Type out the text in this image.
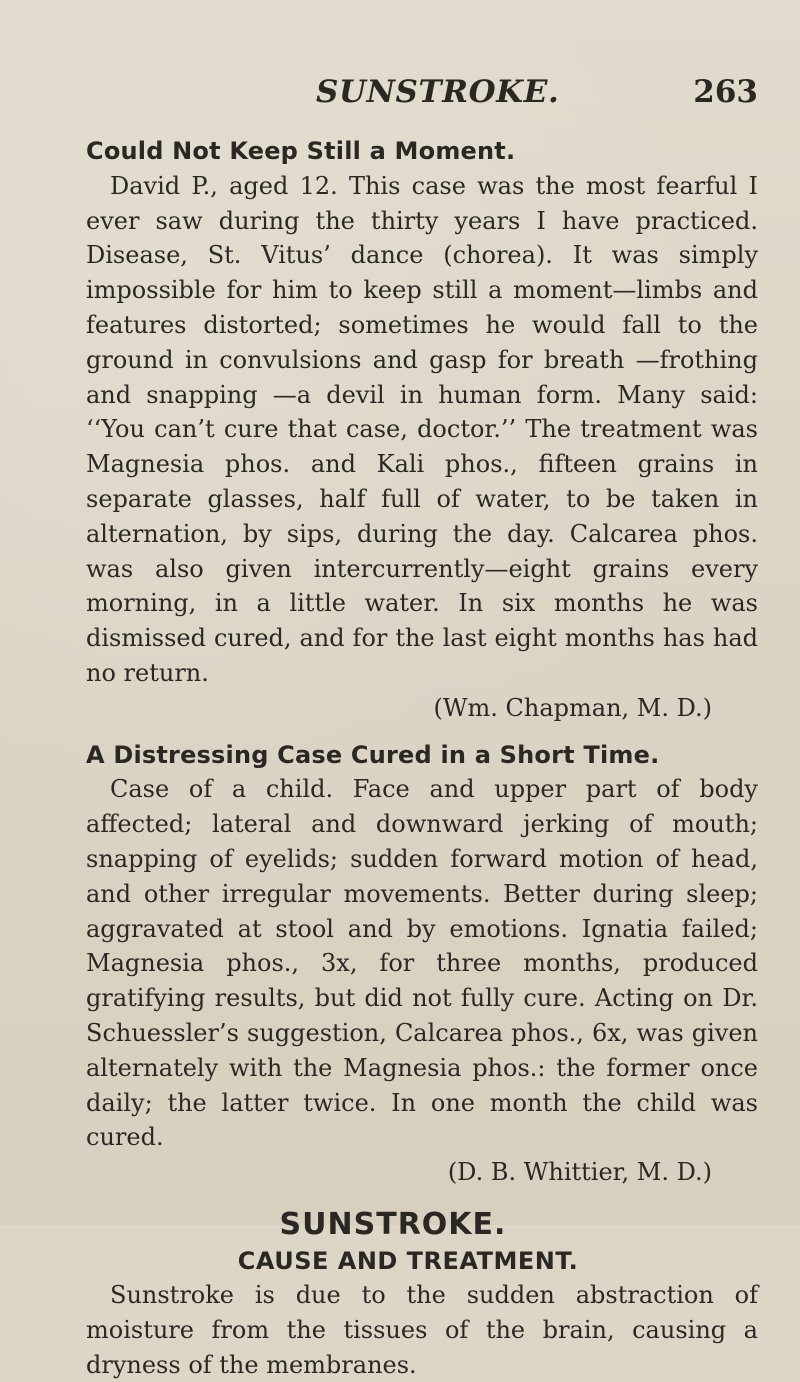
SUNSTROKE.	263
Could Not Keep Still a Moment.

David P., aged 12. This case was the most fearful I ever saw during the thirty years I have practiced. Disease, St. Vitus’ dance (chorea). It was simply impossible for him to keep still a moment—limbs and features distorted; sometimes he would fall to the ground in convulsions and gasp for breath —frothing and snapping —a devil in human form. Many said: ‘‘You can’t cure that case, doctor.’’ The treatment was Magnesia phos. and Kali phos., fifteen grains in separate glasses, half full of water, to be taken in alternation, by sips, during the day. Calcarea phos. was also given intercurrently—eight grains every morning, in a little water. In six months he was dismissed cured, and for the last eight months has had no return.

(Wm. Chapman, M. D.)
A Distressing Case Cured in a Short Time.

Case of a child. Face and upper part of body affected; lateral and downward jerking of mouth; snapping of eyelids; sudden forward motion of head, and other irregular movements. Better during sleep; aggravated at stool and by emotions. Ignatia failed; Magnesia phos., 3x, for three months, produced gratifying results, but did not fully cure. Acting on Dr. Schuessler’s suggestion, Calcarea phos., 6x, was given alternately with the Magnesia phos.: the former once daily; the latter twice. In one month the child was cured.

(D. B. Whittier, M. D.)
SUNSTROKE.
CAUSE AND TREATMENT.

Sunstroke is due to the sudden abstraction of moisture from the tissues of the brain, causing a dryness of the membranes.
